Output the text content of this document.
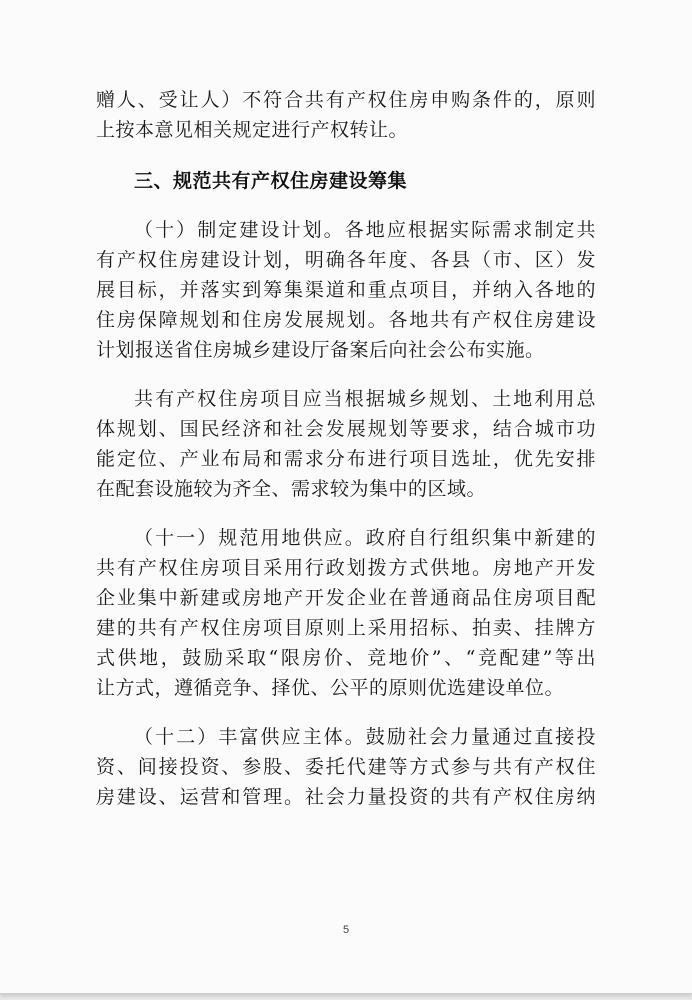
赠人、受让人）不符合共有产权住房申购条件的，原则
上按本意见相关规定进行产权转让。
三、规范共有产权住房建设筹集
（十）制定建设计划。各地应根据实际需求制定共
有产权住房建设计划，明确各年度、各县（市、区）发
展目标，并落实到筹集渠道和重点项目，并纳入各地的
住房保障规划和住房发展规划。各地共有产权住房建设
计划报送省住房城乡建设厅备案后向社会公布实施。
共有产权住房项目应当根据城乡规划、土地利用总
体规划、国民经济和社会发展规划等要求，结合城市功
能定位、产业布局和需求分布进行项目选址，优先安排
在配套设施较为齐全、需求较为集中的区域。
（十一）规范用地供应。政府自行组织集中新建的
共有产权住房项目采用行政划拨方式供地。房地产开发
企业集中新建或房地产开发企业在普通商品住房项目配
建的共有产权住房项目原则上采用招标、拍卖、挂牌方
式供地，鼓励采取“限房价、竞地价”、“竞配建”等出
让方式，遵循竞争、择优、公平的原则优选建设单位。
（十二）丰富供应主体。鼓励社会力量通过直接投
资、间接投资、参股、委托代建等方式参与共有产权住
房建设、运营和管理。社会力量投资的共有产权住房纳
5
